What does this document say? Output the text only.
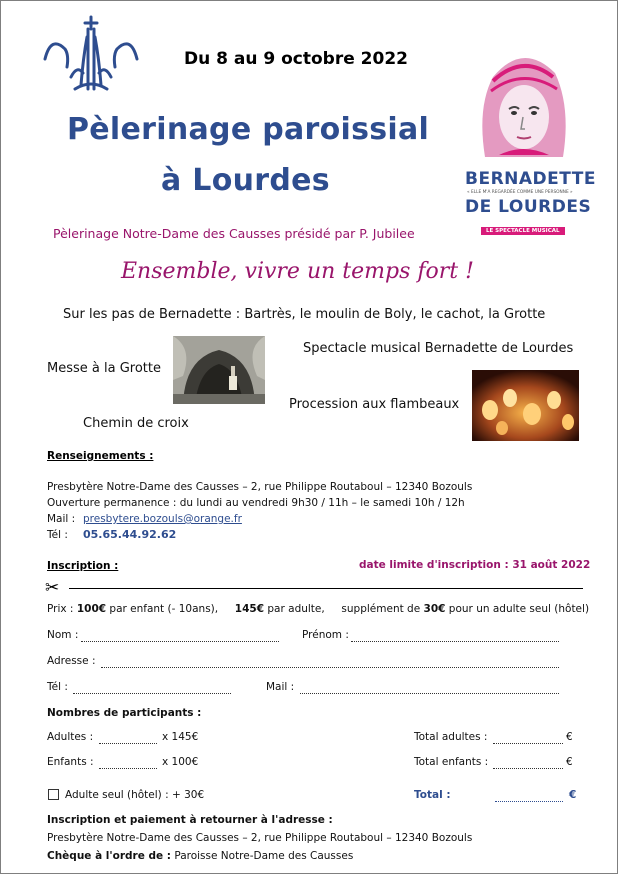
Du 8 au 9 octobre 2022
Pèlerinage paroissial
à Lourdes	BERNADETTE
« ELLE M'A REGARDÉE COMME UNE PERSONNE »
DE LOURDES
LE SPECTACLE MUSICAL
Pèlerinage Notre-Dame des Causses présidé par P. Jubilee
Ensemble, vivre un temps fort !
Sur les pas de Bernadette : Bartrès, le moulin de Boly, le cachot, la Grotte
Spectacle musical Bernadette de Lourdes
Messe à la Grotte
Procession aux flambeaux
Chemin de croix
Renseignements :
Presbytère Notre-Dame des Causses – 2, rue Philippe Routaboul – 12340 Bozouls
Ouverture permanence : du lundi au vendredi 9h30 / 11h – le samedi 10h / 12h
Mail : presbytere.bozouls@orange.fr
Tél : 05.65.44.92.62
Inscription :	date limite d'inscription : 31 août 2022
✂
Prix : 100€ par enfant (- 10ans), 145€ par adulte, supplément de 30€ pour un adulte seul (hôtel)
Nom :	Prénom :
Adresse :
Tél :	Mail :
Nombres de participants :
Adultes :	x 145€	Total adultes :	€
Enfants :	x 100€	Total enfants :	€
Adulte seul (hôtel) : + 30€	Total :	€
Inscription et paiement à retourner à l'adresse :
Presbytère Notre-Dame des Causses – 2, rue Philippe Routaboul – 12340 Bozouls
Chèque à l'ordre de : Paroisse Notre-Dame des Causses
